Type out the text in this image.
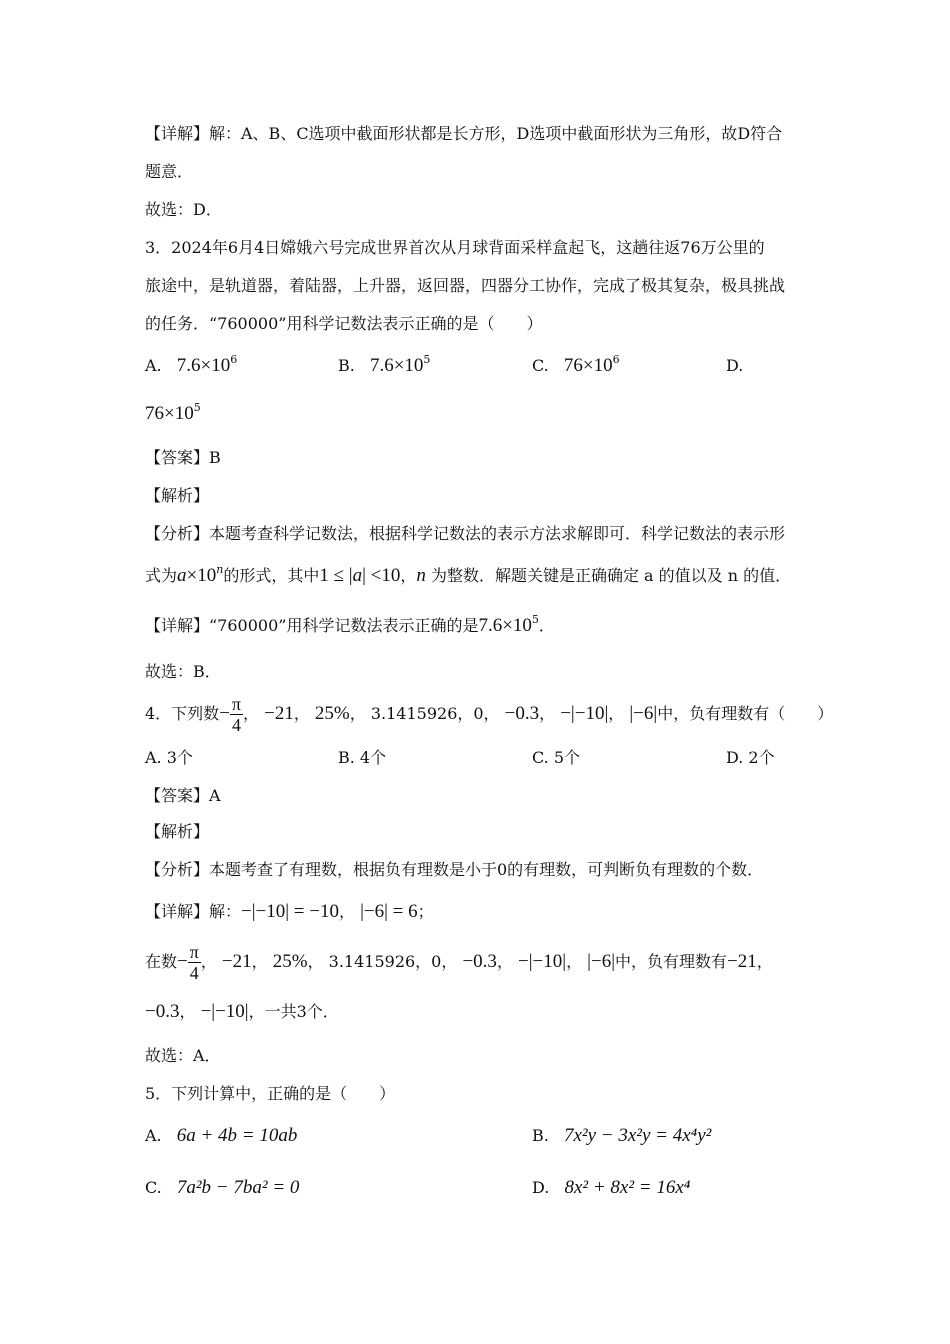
【详解】解：A、B、C选项中截面形状都是长方形，D选项中截面形状为三角形，故D符合
题意．
故选：D．
3．2024年6月4日嫦娥六号完成世界首次从月球背面采样盒起飞，这趟往返76万公里的
旅途中，是轨道器，着陆器，上升器，返回器，四器分工协作，完成了极其复杂，极具挑战
的任务．“760000”用科学记数法表示正确的是（　　）
A. $7.6\times 10^6$	B. $7.6\times 10^5$	C. $76\times 10^6$	D.
$76\times 10^5$
【答案】B
【解析】
【分析】本题考查科学记数法，根据科学记数法的表示方法求解即可．科学记数法的表示形
式为$a\times 10^n$的形式，其中1 ≤ |a| <10，n 为整数．解题关键是正确确定 a 的值以及 n 的值．
【详解】“760000”用科学记数法表示正确的是$7.6\times 10^5$．
故选：B．
4．下列数− $\frac{\pi}{4}$ ， −21， 25%， 3.1415926，0， −0.3， −|−10|， |−6|中，负有理数有（　　）
A. 3个	B. 4个	C. 5个	D. 2个
【答案】A
【解析】
【分析】本题考查了有理数，根据负有理数是小于0的有理数，可判断负有理数的个数．
【详解】解：−|−10| = −10， |−6| = 6；
在数− $\frac{\pi}{4}$ ， −21， 25%， 3.1415926，0， −0.3， −|−10|， |−6|中，负有理数有−21，
−0.3， −|−10|，一共3个．
故选：A．
5．下列计算中，正确的是（　　）
A. 6a + 4b = 10ab	B. 7x²y − 3x²y = 4x⁴y²
C. 7a²b − 7ba² = 0	D. 8x² + 8x² = 16x⁴
